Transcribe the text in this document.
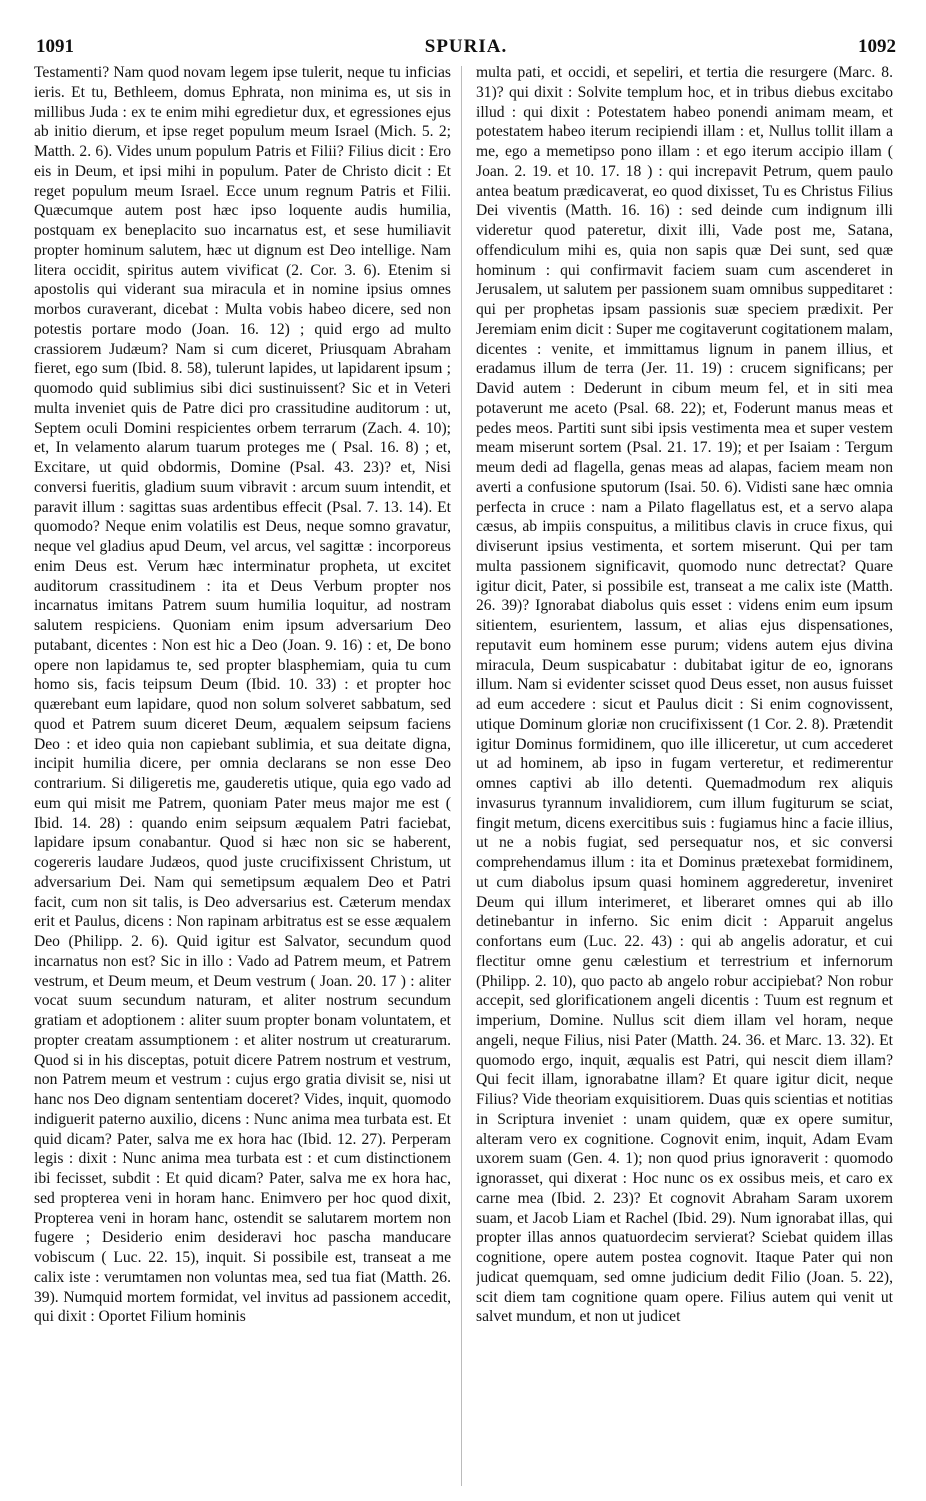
1091	SPURIA.	1092
Testamenti? Nam quod novam legem ipse tulerit, neque tu inficias ieris. Et tu, Bethleem, domus Ephrata, non minima es, ut sis in millibus Juda : ex te enim mihi egredietur dux, et egressiones ejus ab initio dierum, et ipse reget populum meum Israel (Mich. 5. 2; Matth. 2. 6). Vides unum populum Patris et Filii? Filius dicit : Ero eis in Deum, et ipsi mihi in populum. Pater de Christo dicit : Et reget populum meum Israel. Ecce unum regnum Patris et Filii. Quæcumque autem post hæc ipso loquente audis humilia, postquam ex beneplacito suo incarnatus est, et sese humiliavit propter hominum salutem, hæc ut dignum est Deo intellige. Nam litera occidit, spiritus autem vivificat (2. Cor. 3. 6). Etenim si apostolis qui viderant sua miracula et in nomine ipsius omnes morbos curaverant, dicebat : Multa vobis habeo dicere, sed non potestis portare modo (Joan. 16. 12) ; quid ergo ad multo crassiorem Judæum? Nam si cum diceret, Priusquam Abraham fieret, ego sum (Ibid. 8. 58), tulerunt lapides, ut lapidarent ipsum ; quomodo quid sublimius sibi dici sustinuissent? Sic et in Veteri multa inveniet quis de Patre dici pro crassitudine auditorum : ut, Septem oculi Domini respicientes orbem terrarum (Zach. 4. 10); et, In velamento alarum tuarum proteges me ( Psal. 16. 8) ; et, Excitare, ut quid obdormis, Domine (Psal. 43. 23)? et, Nisi conversi fueritis, gladium suum vibravit : arcum suum intendit, et paravit illum : sagittas suas ardentibus effecit (Psal. 7. 13. 14). Et quomodo? Neque enim volatilis est Deus, neque somno gravatur, neque vel gladius apud Deum, vel arcus, vel sagittæ : incorporeus enim Deus est. Verum hæc interminatur propheta, ut excitet auditorum crassitudinem : ita et Deus Verbum propter nos incarnatus imitans Patrem suum humilia loquitur, ad nostram salutem respiciens. Quoniam enim ipsum adversarium Deo putabant, dicentes : Non est hic a Deo (Joan. 9. 16) : et, De bono opere non lapidamus te, sed propter blasphemiam, quia tu cum homo sis, facis teipsum Deum (Ibid. 10. 33) : et propter hoc quærebant eum lapidare, quod non solum solveret sabbatum, sed quod et Patrem suum diceret Deum, æqualem seipsum faciens Deo : et ideo quia non capiebant sublimia, et sua deitate digna, incipit humilia dicere, per omnia declarans se non esse Deo contrarium. Si diligeretis me, gauderetis utique, quia ego vado ad eum qui misit me Patrem, quoniam Pater meus major me est ( Ibid. 14. 28) : quando enim seipsum æqualem Patri faciebat, lapidare ipsum conabantur. Quod si hæc non sic se haberent, cogereris laudare Judæos, quod juste crucifixissent Christum, ut adversarium Dei. Nam qui semetipsum æqualem Deo et Patri facit, cum non sit talis, is Deo adversarius est. Cæterum mendax erit et Paulus, dicens : Non rapinam arbitratus est se esse æqualem Deo (Philipp. 2. 6). Quid igitur est Salvator, secundum quod incarnatus non est? Sic in illo : Vado ad Patrem meum, et Patrem vestrum, et Deum meum, et Deum vestrum ( Joan. 20. 17 ) : aliter vocat suum secundum naturam, et aliter nostrum secundum gratiam et adoptionem : aliter suum propter bonam voluntatem, et propter creatam assumptionem : et aliter nostrum ut creaturarum. Quod si in his disceptas, potuit dicere Patrem nostrum et vestrum, non Patrem meum et vestrum : cujus ergo gratia divisit se, nisi ut hanc nos Deo dignam sententiam doceret? Vides, inquit, quomodo indiguerit paterno auxilio, dicens : Nunc anima mea turbata est. Et quid dicam? Pater, salva me ex hora hac (Ibid. 12. 27). Perperam legis : dixit : Nunc anima mea turbata est : et cum distinctionem ibi fecisset, subdit : Et quid dicam? Pater, salva me ex hora hac, sed propterea veni in horam hanc. Enimvero per hoc quod dixit, Propterea veni in horam hanc, ostendit se salutarem mortem non fugere ; Desiderio enim desideravi hoc pascha manducare vobiscum ( Luc. 22. 15), inquit. Si possibile est, transeat a me calix iste : verumtamen non voluntas mea, sed tua fiat (Matth. 26. 39). Numquid mortem formidat, vel invitus ad passionem accedit, qui dixit : Oportet Filium hominis
multa pati, et occidi, et sepeliri, et tertia die resurgere (Marc. 8. 31)? qui dixit : Solvite templum hoc, et in tribus diebus excitabo illud : qui dixit : Potestatem habeo ponendi animam meam, et potestatem habeo iterum recipiendi illam : et, Nullus tollit illam a me, ego a memetipso pono illam : et ego iterum accipio illam ( Joan. 2. 19. et 10. 17. 18 ) : qui increpavit Petrum, quem paulo antea beatum prædicaverat, eo quod dixisset, Tu es Christus Filius Dei viventis (Matth. 16. 16) : sed deinde cum indignum illi videretur quod pateretur, dixit illi, Vade post me, Satana, offendiculum mihi es, quia non sapis quæ Dei sunt, sed quæ hominum : qui confirmavit faciem suam cum ascenderet in Jerusalem, ut salutem per passionem suam omnibus suppeditaret : qui per prophetas ipsam passionis suæ speciem prædixit. Per Jeremiam enim dicit : Super me cogitaverunt cogitationem malam, dicentes : venite, et immittamus lignum in panem illius, et eradamus illum de terra (Jer. 11. 19) : crucem significans; per David autem : Dederunt in cibum meum fel, et in siti mea potaverunt me aceto (Psal. 68. 22); et, Foderunt manus meas et pedes meos. Partiti sunt sibi ipsis vestimenta mea et super vestem meam miserunt sortem (Psal. 21. 17. 19); et per Isaiam : Tergum meum dedi ad flagella, genas meas ad alapas, faciem meam non averti a confusione sputorum (Isai. 50. 6). Vidisti sane hæc omnia perfecta in cruce : nam a Pilato flagellatus est, et a servo alapa cæsus, ab impiis conspuitus, a militibus clavis in cruce fixus, qui diviserunt ipsius vestimenta, et sortem miserunt. Qui per tam multa passionem significavit, quomodo nunc detrectat? Quare igitur dicit, Pater, si possibile est, transeat a me calix iste (Matth. 26. 39)? Ignorabat diabolus quis esset : videns enim eum ipsum sitientem, esurientem, lassum, et alias ejus dispensationes, reputavit eum hominem esse purum; videns autem ejus divina miracula, Deum suspicabatur : dubitabat igitur de eo, ignorans illum. Nam si evidenter scisset quod Deus esset, non ausus fuisset ad eum accedere : sicut et Paulus dicit : Si enim cognovissent, utique Dominum gloriæ non crucifixissent (1 Cor. 2. 8). Prætendit igitur Dominus formidinem, quo ille illiceretur, ut cum accederet ut ad hominem, ab ipso in fugam verteretur, et redimerentur omnes captivi ab illo detenti. Quemadmodum rex aliquis invasurus tyrannum invalidiorem, cum illum fugiturum se sciat, fingit metum, dicens exercitibus suis : fugiamus hinc a facie illius, ut ne a nobis fugiat, sed persequatur nos, et sic conversi comprehendamus illum : ita et Dominus prætexebat formidinem, ut cum diabolus ipsum quasi hominem aggrederetur, inveniret Deum qui illum interimeret, et liberaret omnes qui ab illo detinebantur in inferno. Sic enim dicit : Apparuit angelus confortans eum (Luc. 22. 43) : qui ab angelis adoratur, et cui flectitur omne genu cælestium et terrestrium et infernorum (Philipp. 2. 10), quo pacto ab angelo robur accipiebat? Non robur accepit, sed glorificationem angeli dicentis : Tuum est regnum et imperium, Domine. Nullus scit diem illam vel horam, neque angeli, neque Filius, nisi Pater (Matth. 24. 36. et Marc. 13. 32). Et quomodo ergo, inquit, æqualis est Patri, qui nescit diem illam? Qui fecit illam, ignorabatne illam? Et quare igitur dicit, neque Filius? Vide theoriam exquisitiorem. Duas quis scientias et notitias in Scriptura inveniet : unam quidem, quæ ex opere sumitur, alteram vero ex cognitione. Cognovit enim, inquit, Adam Evam uxorem suam (Gen. 4. 1); non quod prius ignoraverit : quomodo ignorasset, qui dixerat : Hoc nunc os ex ossibus meis, et caro ex carne mea (Ibid. 2. 23)? Et cognovit Abraham Saram uxorem suam, et Jacob Liam et Rachel (Ibid. 29). Num ignorabat illas, qui propter illas annos quatuordecim servierat? Sciebat quidem illas cognitione, opere autem postea cognovit. Itaque Pater qui non judicat quemquam, sed omne judicium dedit Filio (Joan. 5. 22), scit diem tam cognitione quam opere. Filius autem qui venit ut salvet mundum, et non ut judicet
